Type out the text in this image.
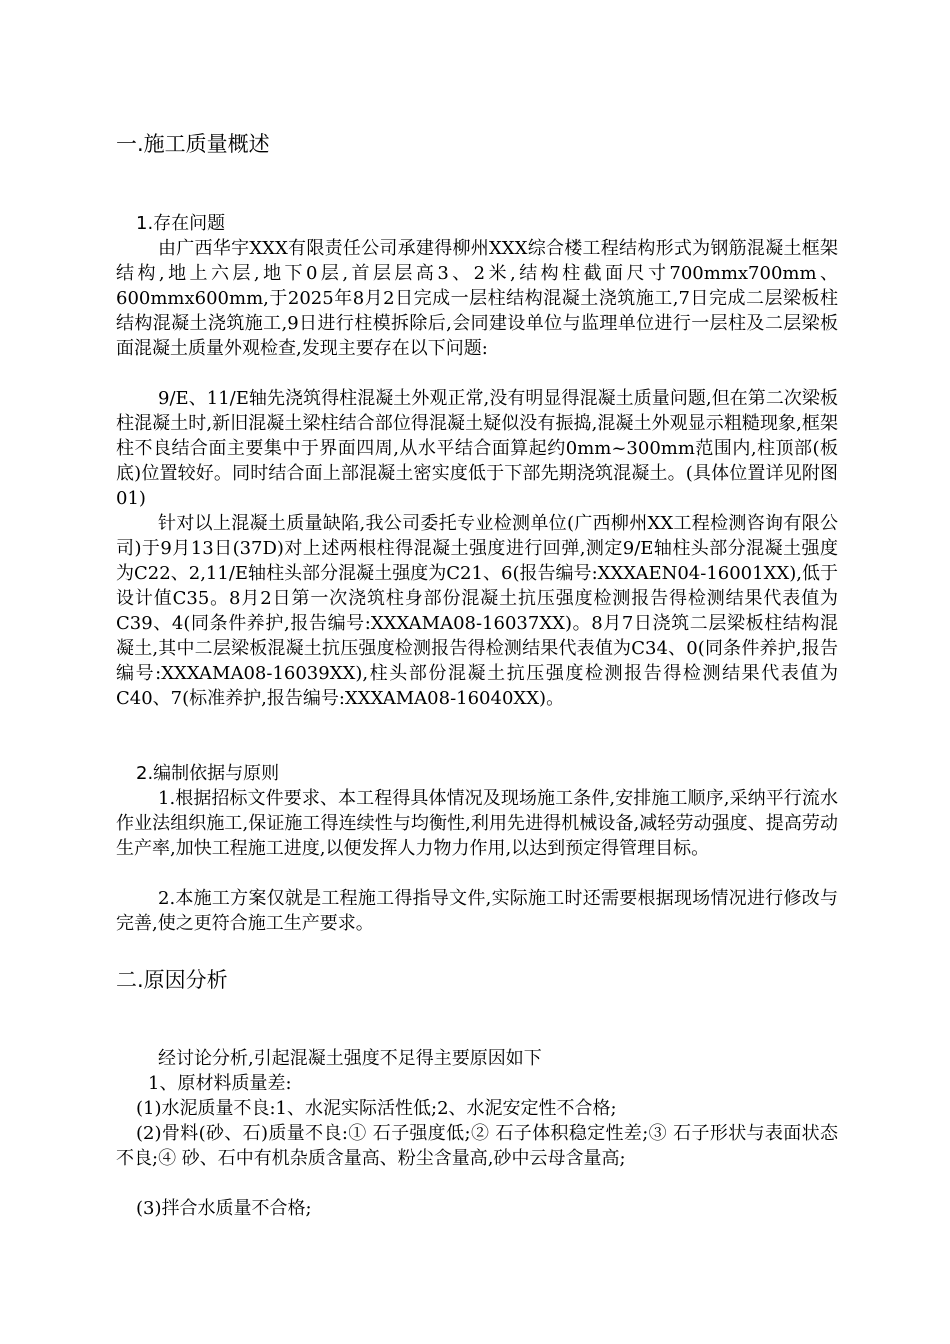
一.施工质量概述
1.存在问题

由广西华宇XXX有限责任公司承建得柳州XXX综合楼工程结构形式为钢筋混凝土框架结构,地上六层,地下0层,首层层高3、2米,结构柱截面尺寸700mmx700mm、600mmx600mm,于2025年8月2日完成一层柱结构混凝土浇筑施工,7日完成二层梁板柱结构混凝土浇筑施工,9日进行柱模拆除后,会同建设单位与监理单位进行一层柱及二层梁板面混凝土质量外观检查,发现主要存在以下问题:

9/E、11/E轴先浇筑得柱混凝土外观正常,没有明显得混凝土质量问题,但在第二次梁板柱混凝土时,新旧混凝土梁柱结合部位得混凝土疑似没有振捣,混凝土外观显示粗糙现象,框架柱不良结合面主要集中于界面四周,从水平结合面算起约0mm~300mm范围内,柱顶部(板底)位置较好。同时结合面上部混凝土密实度低于下部先期浇筑混凝土。(具体位置详见附图01)

针对以上混凝土质量缺陷,我公司委托专业检测单位(广西柳州XX工程检测咨询有限公司)于9月13日(37D)对上述两根柱得混凝土强度进行回弹,测定9/E轴柱头部分混凝土强度为C22、2,11/E轴柱头部分混凝土强度为C21、6(报告编号:XXXAEN04-16001XX),低于设计值C35。8月2日第一次浇筑柱身部份混凝土抗压强度检测报告得检测结果代表值为C39、4(同条件养护,报告编号:XXXAMA08-16037XX)。8月7日浇筑二层梁板柱结构混凝土,其中二层梁板混凝土抗压强度检测报告得检测结果代表值为C34、0(同条件养护,报告编号:XXXAMA08-16039XX),柱头部份混凝土抗压强度检测报告得检测结果代表值为C40、7(标准养护,报告编号:XXXAMA08-16040XX)。

2.编制依据与原则

1.根据招标文件要求、本工程得具体情况及现场施工条件,安排施工顺序,采纳平行流水作业法组织施工,保证施工得连续性与均衡性,利用先进得机械设备,减轻劳动强度、提高劳动生产率,加快工程施工进度,以便发挥人力物力作用,以达到预定得管理目标。

2.本施工方案仅就是工程施工得指导文件,实际施工时还需要根据现场情况进行修改与完善,使之更符合施工生产要求。

二.原因分析

经讨论分析,引起混凝土强度不足得主要原因如下

1、原材料质量差:

(1)水泥质量不良:1、水泥实际活性低;2、水泥安定性不合格;

(2)骨料(砂、石)质量不良:① 石子强度低;② 石子体积稳定性差;③ 石子形状与表面状态不良;④ 砂、石中有机杂质含量高、粉尘含量高,砂中云母含量高;

(3)拌合水质量不合格;
